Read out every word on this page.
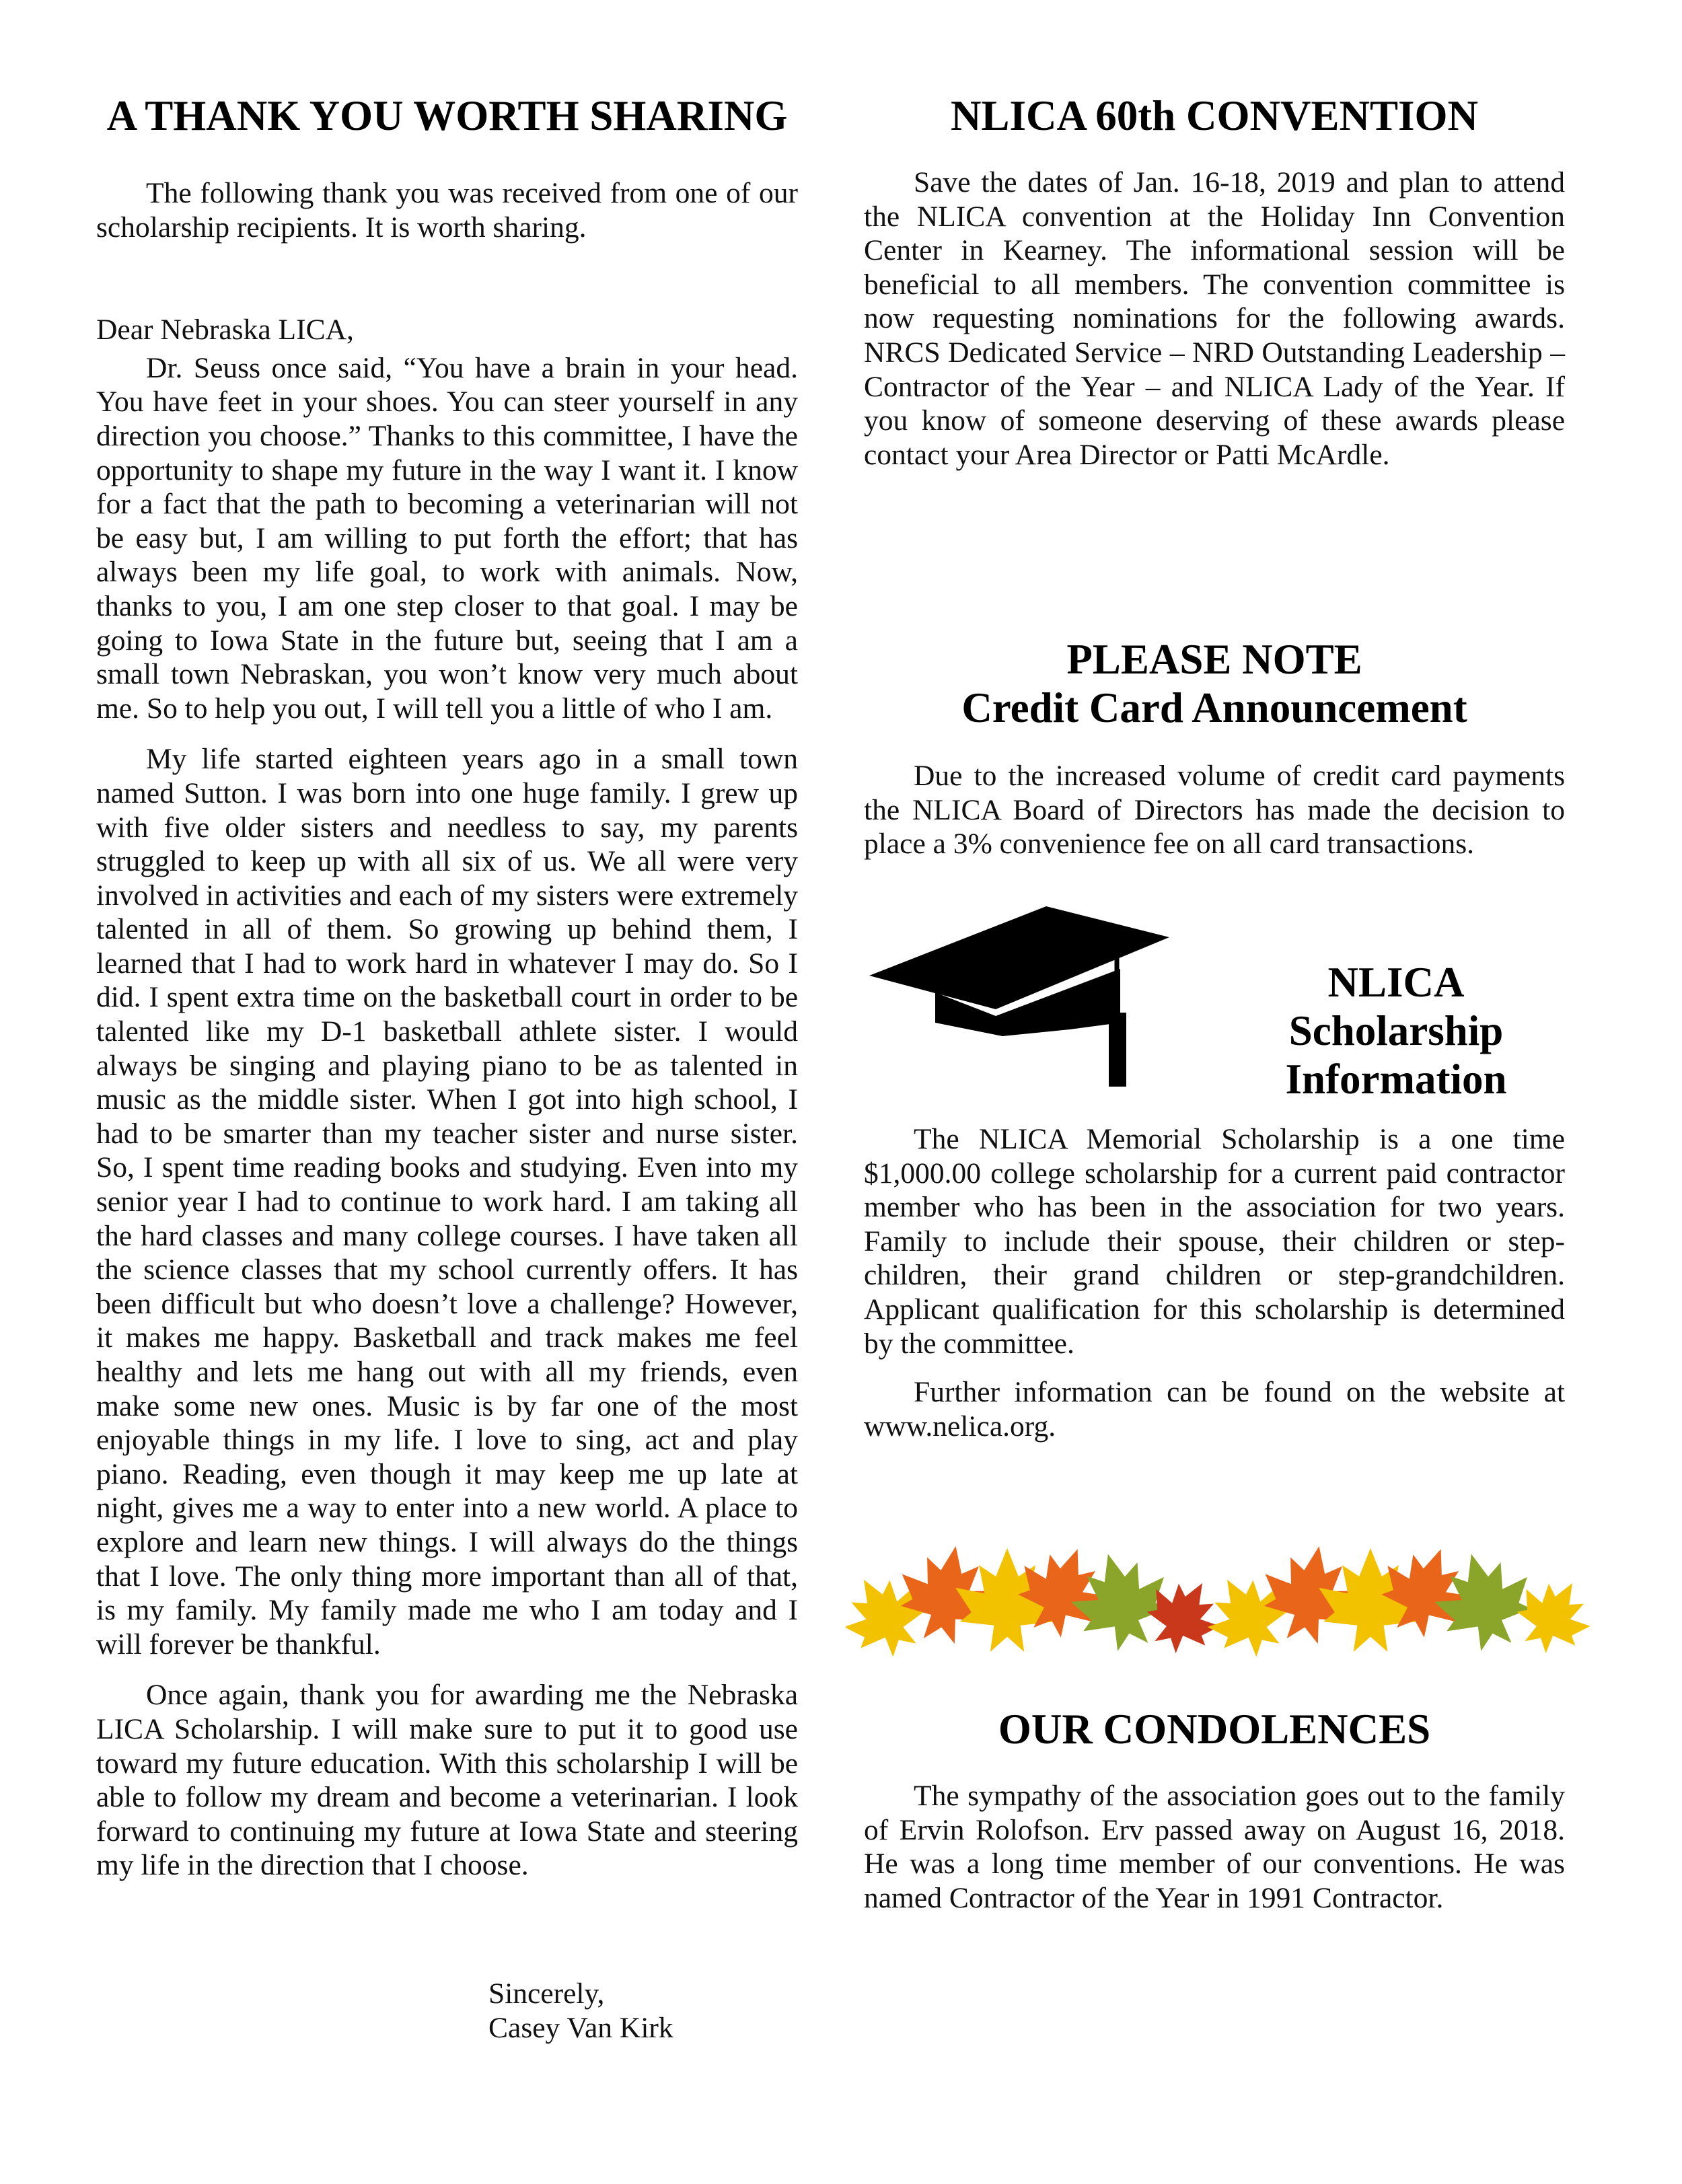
A THANK YOU WORTH SHARING

The following thank you was received from one of our scholarship recipients. It is worth sharing.

Dear Nebraska LICA,

Dr. Seuss once said, “You have a brain in your head. You have feet in your shoes. You can steer yourself in any direction you choose.” Thanks to this committee, I have the opportunity to shape my future in the way I want it. I know for a fact that the path to becoming a veterinarian will not be easy but, I am willing to put forth the effort; that has always been my life goal, to work with animals. Now, thanks to you, I am one step closer to that goal. I may be going to Iowa State in the future but, seeing that I am a small town Nebraskan, you won’t know very much about me. So to help you out, I will tell you a little of who I am.

My life started eighteen years ago in a small town named Sutton. I was born into one huge family. I grew up with five older sisters and needless to say, my parents struggled to keep up with all six of us. We all were very involved in activities and each of my sisters were extremely talented in all of them. So growing up behind them, I learned that I had to work hard in whatever I may do. So I did. I spent extra time on the basketball court in order to be talented like my D-1 basketball athlete sister. I would always be singing and playing piano to be as talented in music as the middle sister. When I got into high school, I had to be smarter than my teacher sister and nurse sister. So, I spent time reading books and studying. Even into my senior year I had to continue to work hard. I am taking all the hard classes and many college courses. I have taken all the science classes that my school currently offers. It has been difficult but who doesn’t love a challenge? However, it makes me happy. Basketball and track makes me feel healthy and lets me hang out with all my friends, even make some new ones. Music is by far one of the most enjoyable things in my life. I love to sing, act and play piano. Reading, even though it may keep me up late at night, gives me a way to enter into a new world. A place to explore and learn new things. I will always do the things that I love. The only thing more important than all of that, is my family. My family made me who I am today and I will forever be thankful.

Once again, thank you for awarding me the Nebraska LICA Scholarship. I will make sure to put it to good use toward my future education. With this scholarship I will be able to follow my dream and become a veterinarian. I look forward to continuing my future at Iowa State and steering my life in the direction that I choose.

Sincerely,
Casey Van Kirk
NLICA 60th CONVENTION

Save the dates of Jan. 16-18, 2019 and plan to attend the NLICA convention at the Holiday Inn Convention Center in Kearney. The informational session will be beneficial to all members. The convention committee is now requesting nominations for the following awards. NRCS Dedicated Service – NRD Outstanding Leadership – Contractor of the Year – and NLICA Lady of the Year. If you know of someone deserving of these awards please contact your Area Director or Patti McArdle.

PLEASE NOTE
Credit Card Announcement

Due to the increased volume of credit card payments the NLICA Board of Directors has made the decision to place a 3% convenience fee on all card transactions.

NLICA
Scholarship
Information

The NLICA Memorial Scholarship is a one time $1,000.00 college scholarship for a current paid contractor member who has been in the association for two years. Family to include their spouse, their children or step-children, their grand children or step-grandchildren. Applicant qualification for this scholarship is determined by the committee.

Further information can be found on the website at www.nelica.org.

OUR CONDOLENCES

The sympathy of the association goes out to the family of Ervin Rolofson. Erv passed away on August 16, 2018. He was a long time member of our conventions. He was named Contractor of the Year in 1991 Contractor.
